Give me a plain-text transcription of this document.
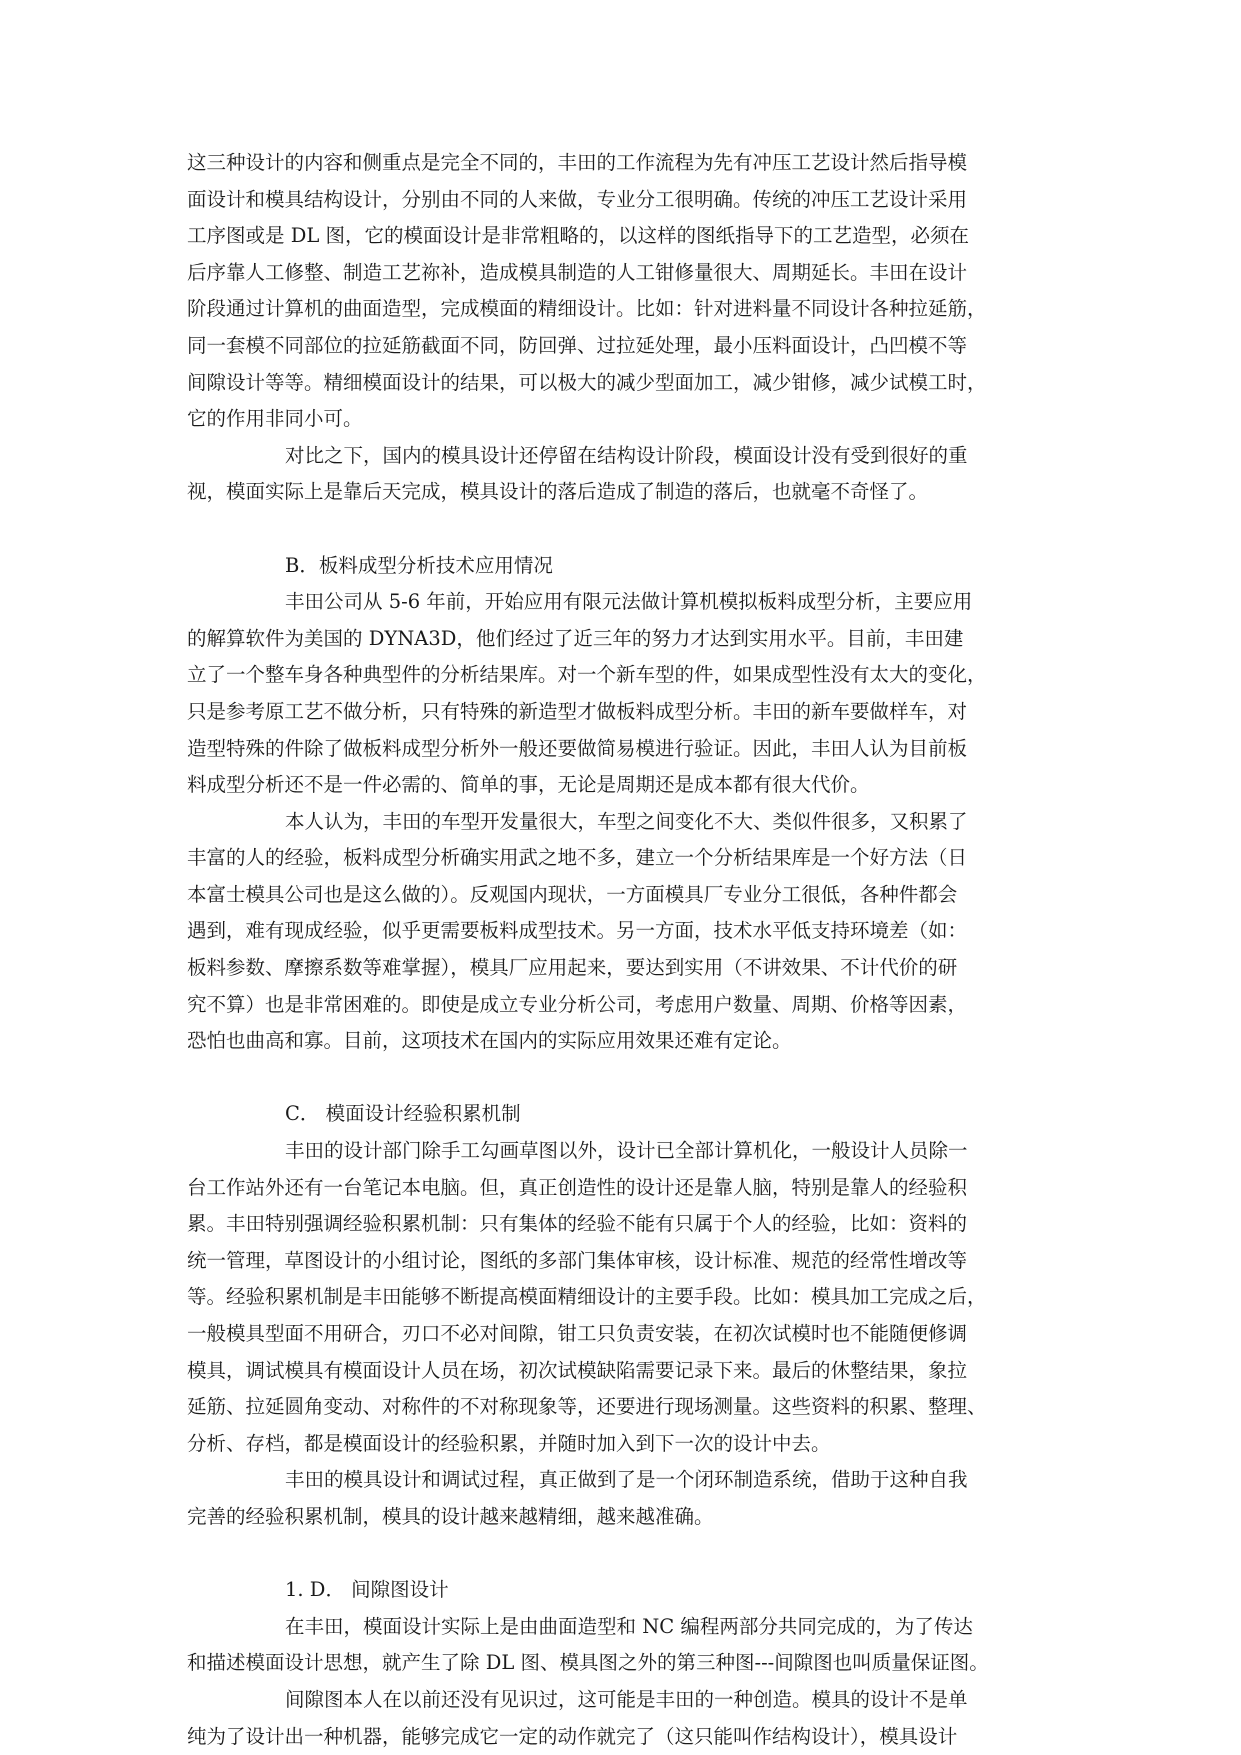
这三种设计的内容和侧重点是完全不同的，丰田的工作流程为先有冲压工艺设计然后指导模
面设计和模具结构设计，分别由不同的人来做，专业分工很明确。传统的冲压工艺设计采用
工序图或是 DL 图，它的模面设计是非常粗略的，以这样的图纸指导下的工艺造型，必须在
后序靠人工修整、制造工艺祢补，造成模具制造的人工钳修量很大、周期延长。丰田在设计
阶段通过计算机的曲面造型，完成模面的精细设计。比如：针对进料量不同设计各种拉延筋，
同一套模不同部位的拉延筋截面不同，防回弹、过拉延处理，最小压料面设计，凸凹模不等
间隙设计等等。精细模面设计的结果，可以极大的减少型面加工，减少钳修，减少试模工时，
它的作用非同小可。
对比之下，国内的模具设计还停留在结构设计阶段，模面设计没有受到很好的重
视，模面实际上是靠后天完成，模具设计的落后造成了制造的落后，也就毫不奇怪了。
B．板料成型分析技术应用情况
丰田公司从 5-6 年前，开始应用有限元法做计算机模拟板料成型分析，主要应用
的解算软件为美国的 DYNA3D，他们经过了近三年的努力才达到实用水平。目前，丰田建
立了一个整车身各种典型件的分析结果库。对一个新车型的件，如果成型性没有太大的变化，
只是参考原工艺不做分析，只有特殊的新造型才做板料成型分析。丰田的新车要做样车，对
造型特殊的件除了做板料成型分析外一般还要做简易模进行验证。因此，丰田人认为目前板
料成型分析还不是一件必需的、简单的事，无论是周期还是成本都有很大代价。
本人认为，丰田的车型开发量很大，车型之间变化不大、类似件很多，又积累了
丰富的人的经验，板料成型分析确实用武之地不多，建立一个分析结果库是一个好方法（日
本富士模具公司也是这么做的）。反观国内现状，一方面模具厂专业分工很低，各种件都会
遇到，难有现成经验，似乎更需要板料成型技术。另一方面，技术水平低支持环境差（如：
板料参数、摩擦系数等难掌握），模具厂应用起来，要达到实用（不讲效果、不计代价的研
究不算）也是非常困难的。即使是成立专业分析公司，考虑用户数量、周期、价格等因素，
恐怕也曲高和寡。目前，这项技术在国内的实际应用效果还难有定论。
C． 模面设计经验积累机制
丰田的设计部门除手工勾画草图以外，设计已全部计算机化，一般设计人员除一
台工作站外还有一台笔记本电脑。但，真正创造性的设计还是靠人脑，特别是靠人的经验积
累。丰田特别强调经验积累机制：只有集体的经验不能有只属于个人的经验，比如：资料的
统一管理，草图设计的小组讨论，图纸的多部门集体审核，设计标准、规范的经常性增改等
等。经验积累机制是丰田能够不断提高模面精细设计的主要手段。比如：模具加工完成之后，
一般模具型面不用研合，刃口不必对间隙，钳工只负责安装，在初次试模时也不能随便修调
模具，调试模具有模面设计人员在场，初次试模缺陷需要记录下来。最后的休整结果，象拉
延筋、拉延圆角变动、对称件的不对称现象等，还要进行现场测量。这些资料的积累、整理、
分析、存档，都是模面设计的经验积累，并随时加入到下一次的设计中去。
丰田的模具设计和调试过程，真正做到了是一个闭环制造系统，借助于这种自我
完善的经验积累机制，模具的设计越来越精细，越来越准确。
1. D． 间隙图设计
在丰田，模面设计实际上是由曲面造型和 NC 编程两部分共同完成的，为了传达
和描述模面设计思想，就产生了除 DL 图、模具图之外的第三种图---间隙图也叫质量保证图。
间隙图本人在以前还没有见识过，这可能是丰田的一种创造。模具的设计不是单
纯为了设计出一种机器，能够完成它一定的动作就完了（这只能叫作结构设计），模具设计
